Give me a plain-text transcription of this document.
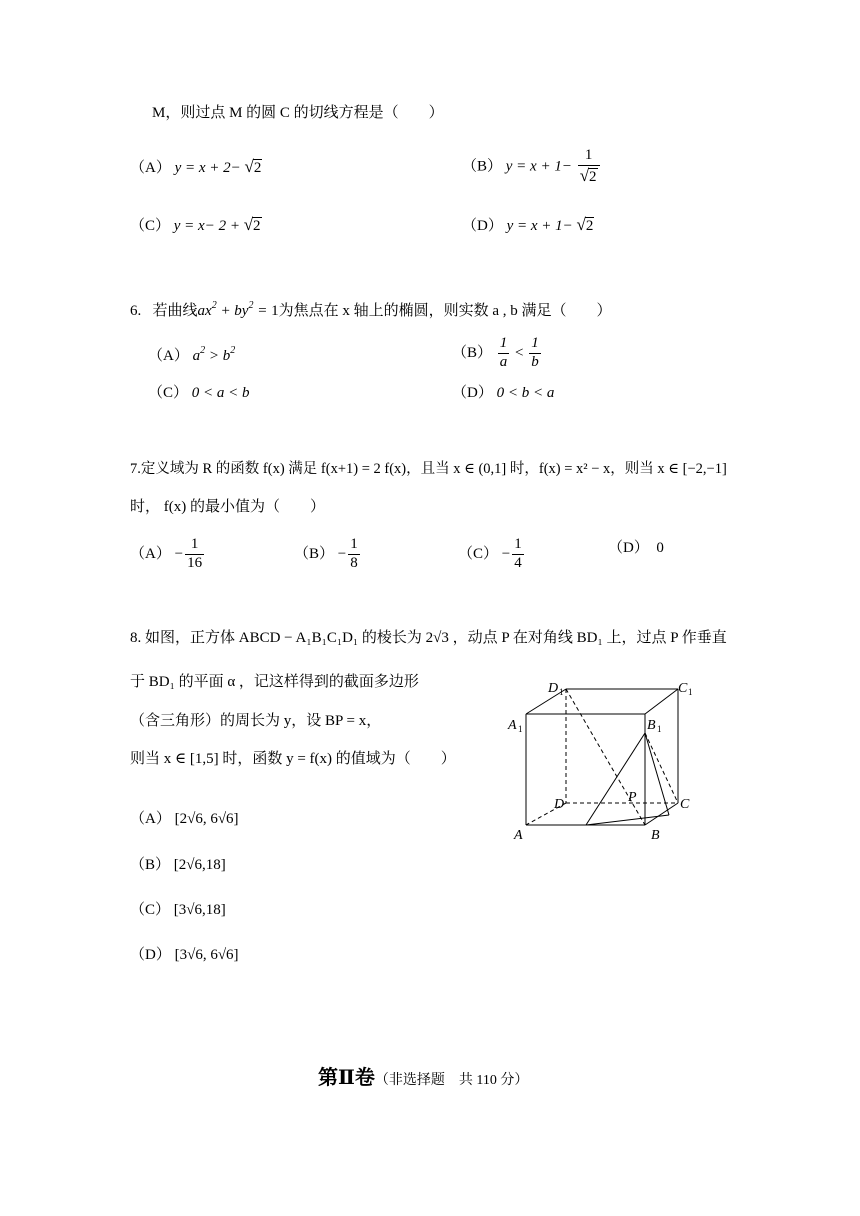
M，则过点 M 的圆 C 的切线方程是（　　）
（A） y = x + 2− √2	（B） $y = x + 1- \frac{1}{√2}$
（C） y = x− 2 + √2	（D） y = x + 1− √2
6. 若曲线$ax^2 + by^2 = 1$为焦点在 x 轴上的椭圆，则实数 a , b 满足（　　）
（A） $a^2 > b^2$	$(B) \frac{1}{a} < \frac{1}{b}$
（C） 0 < a < b	（D） 0 < b < a
7.定义域为 R 的函数 f(x) 满足 f(x+1) = 2 f(x)，且当 x ∈ (0,1] 时，f(x) = x² − x，则当 x ∈ [−2,−1]
时， f(x) 的最小值为（　　）
$(A) - \frac{1}{16}$	$(B) - \frac{1}{8}$	$(C) - \frac{1}{4}$	（D） 0
8. 如图，正方体 ABCD − A₁B₁C₁D₁ 的棱长为 2√3 ，动点 P 在对角线 BD₁ 上，过点 P 作垂直
于 BD₁ 的平面 α ，记这样得到的截面多边形
（含三角形）的周长为 y，设 BP = x，
则当 x ∈ [1,5] 时，函数 y = f(x) 的值域为（　　）
（A） [2√6, 6√6]
（B） [2√6,18]
（C） [3√6,18]
（D） [3√6, 6√6]
D 1	C 1
A 1	B 1
D	C
P
A	B
第Ⅱ卷（非选择题　共 110 分）
